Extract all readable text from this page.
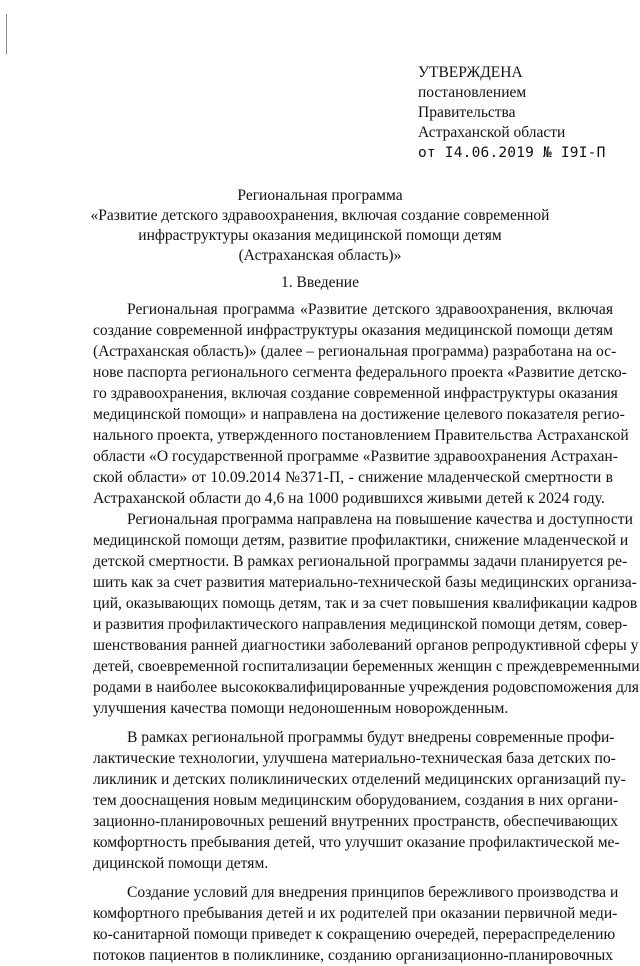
УТВЕРЖДЕНА
постановлением
Правительства
Астраханской области
от I4.06.2019 № I9I-П
Региональная программа
«Развитие детского здравоохранения, включая создание современной
инфраструктуры оказания медицинской помощи детям
(Астраханская область)»
1. Введение
Региональная программа «Развитие детского здравоохранения, включая
создание современной инфраструктуры оказания медицинской помощи детям
(Астраханская область)» (далее – региональная программа) разработана на ос-
нове паспорта регионального сегмента федерального проекта «Развитие детско-
го здравоохранения, включая создание современной инфраструктуры оказания
медицинской помощи» и направлена на достижение целевого показателя регио-
нального проекта, утвержденного постановлением Правительства Астраханской
области «О государственной программе «Развитие здравоохранения Астрахан-
ской области» от 10.09.2014 №371-П, - снижение младенческой смертности в
Астраханской области до 4,6 на 1000 родившихся живыми детей к 2024 году.
Региональная программа направлена на повышение качества и доступности
медицинской помощи детям, развитие профилактики, снижение младенческой и
детской смертности. В рамках региональной программы задачи планируется ре-
шить как за счет развития материально-технической базы медицинских организа-
ций, оказывающих помощь детям, так и за счет повышения квалификации кадров
и развития профилактического направления медицинской помощи детям, совер-
шенствования ранней диагностики заболеваний органов репродуктивной сферы у
детей, своевременной госпитализации беременных женщин с преждевременными
родами в наиболее высококвалифицированные учреждения родовспоможения для
улучшения качества помощи недоношенным новорожденным.
В рамках региональной программы будут внедрены современные профи-
лактические технологии, улучшена материально-техническая база детских по-
ликлиник и детских поликлинических отделений медицинских организаций пу-
тем дооснащения новым медицинским оборудованием, создания в них органи-
зационно-планировочных решений внутренних пространств, обеспечивающих
комфортность пребывания детей, что улучшит оказание профилактической ме-
дицинской помощи детям.
Создание условий для внедрения принципов бережливого производства и
комфортного пребывания детей и их родителей при оказании первичной меди-
ко-санитарной помощи приведет к сокращению очередей, перераспределению
потоков пациентов в поликлинике, созданию организационно-планировочных
